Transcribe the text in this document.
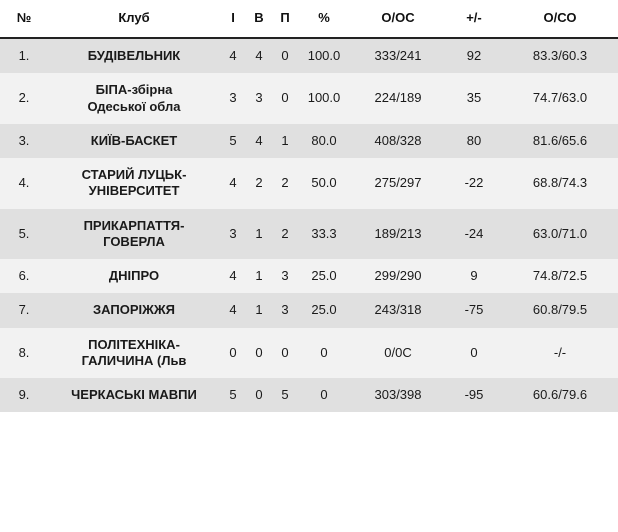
№	Клуб	І	В	П	%	О/ОС	+/-	О/СО
1.	БУДІВЕЛЬНИК	4	4	0	100.0	333/241	92	83.3/60.3
2.	БІПА-збірна
Одеської обла	3	3	0	100.0	224/189	35	74.7/63.0
3.	КИЇВ-БАСКЕТ	5	4	1	80.0	408/328	80	81.6/65.6
4.	СТАРИЙ ЛУЦЬК-
УНІВЕРСИТЕТ	4	2	2	50.0	275/297	-22	68.8/74.3
5.	ПРИКАРПАТТЯ-
ГОВЕРЛА	3	1	2	33.3	189/213	-24	63.0/71.0
6.	ДНІПРО	4	1	3	25.0	299/290	9	74.8/72.5
7.	ЗАПОРІЖЖЯ	4	1	3	25.0	243/318	-75	60.8/79.5
8.	ПОЛІТЕХНІКА-
ГАЛИЧИНА (Льв	0	0	0	0	0/0С	0	-/-
9.	ЧЕРКАСЬКІ МАВПИ	5	0	5	0	303/398	-95	60.6/79.6
